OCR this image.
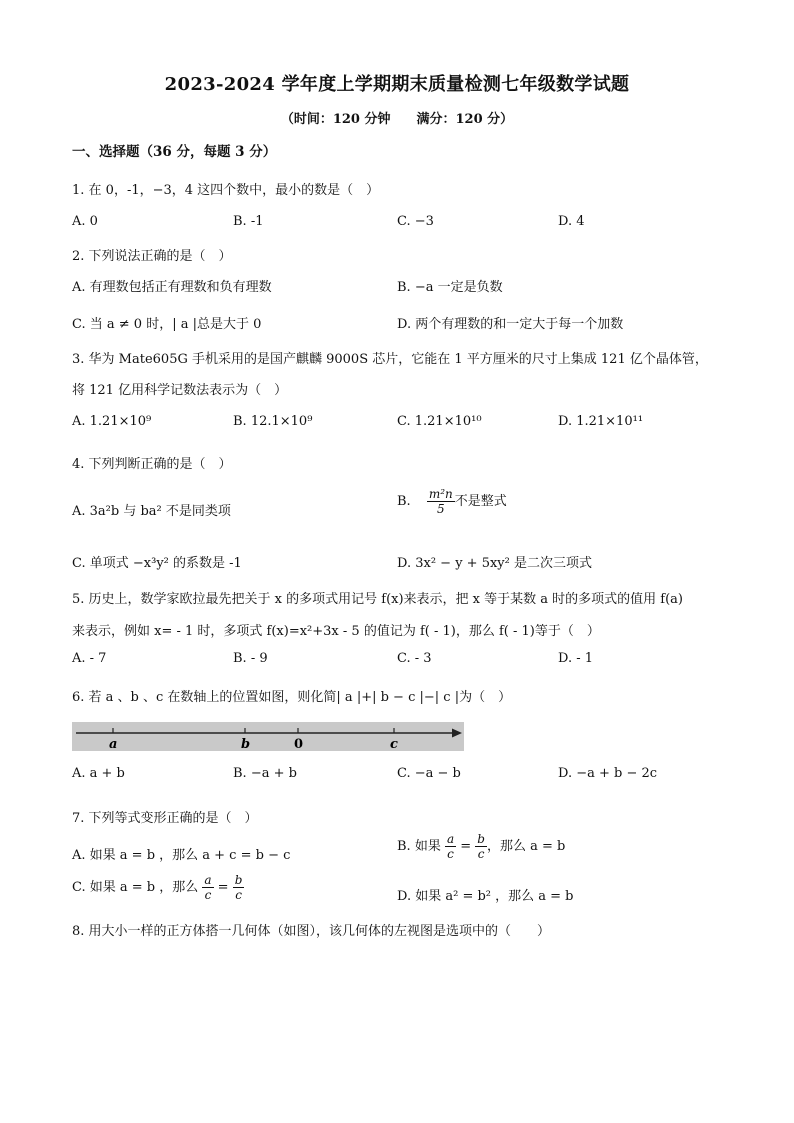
2023-2024 学年度上学期期末质量检测七年级数学试题
（时间：120 分钟　　满分：120 分）
一、选择题（36 分，每题 3 分）
1. 在 0，-1，−3，4 这四个数中，最小的数是（　）
A. 0	B. -1	C. −3	D. 4
2. 下列说法正确的是（　）
A. 有理数包括正有理数和负有理数	B. −a 一定是负数
C. 当 a ≠ 0 时，| a |总是大于 0	D. 两个有理数的和一定大于每一个加数
3. 华为 Mate605G 手机采用的是国产麒麟 9000S 芯片，它能在 1 平方厘米的尺寸上集成 121 亿个晶体管，
将 121 亿用科学记数法表示为（　）
A. 1.21×10⁹	B. 12.1×10⁹	C. 1.21×10¹⁰	D. 1.21×10¹¹
4. 下列判断正确的是（　）
A. 3a²b 与 ba² 不是同类项
B. $\frac{\text{m²n}}{5}$ 不是整式
C. 单项式 −x³y² 的系数是 -1	D. 3x² − y + 5xy² 是二次三项式
5. 历史上，数学家欧拉最先把关于 x 的多项式用记号 f(x)来表示，把 x 等于某数 a 时的多项式的值用 f(a)
来表示，例如 x= - 1 时，多项式 f(x)=x²+3x - 5 的值记为 f( - 1)，那么 f( - 1)等于（　）
A. - 7	B. - 9	C. - 3	D. - 1
6. 若 a 、b 、c 在数轴上的位置如图，则化简| a |+| b − c |−| c |为（　）
a	b	0	c
A. a + b	B. −a + b	C. −a − b	D. −a + b − 2c
7. 下列等式变形正确的是（　）
A. 如果 a = b ，那么 a + c = b − c
B. 如果 $\frac{a}{c} = \frac{b}{c}$ ，那么 a = b
C. 如果 a = b ，那么 $\frac{a}{c} = \frac{b}{c}$	D. 如果 a² = b² ，那么 a = b
8. 用大小一样的正方体搭一几何体（如图），该几何体的左视图是选项中的（　　）
